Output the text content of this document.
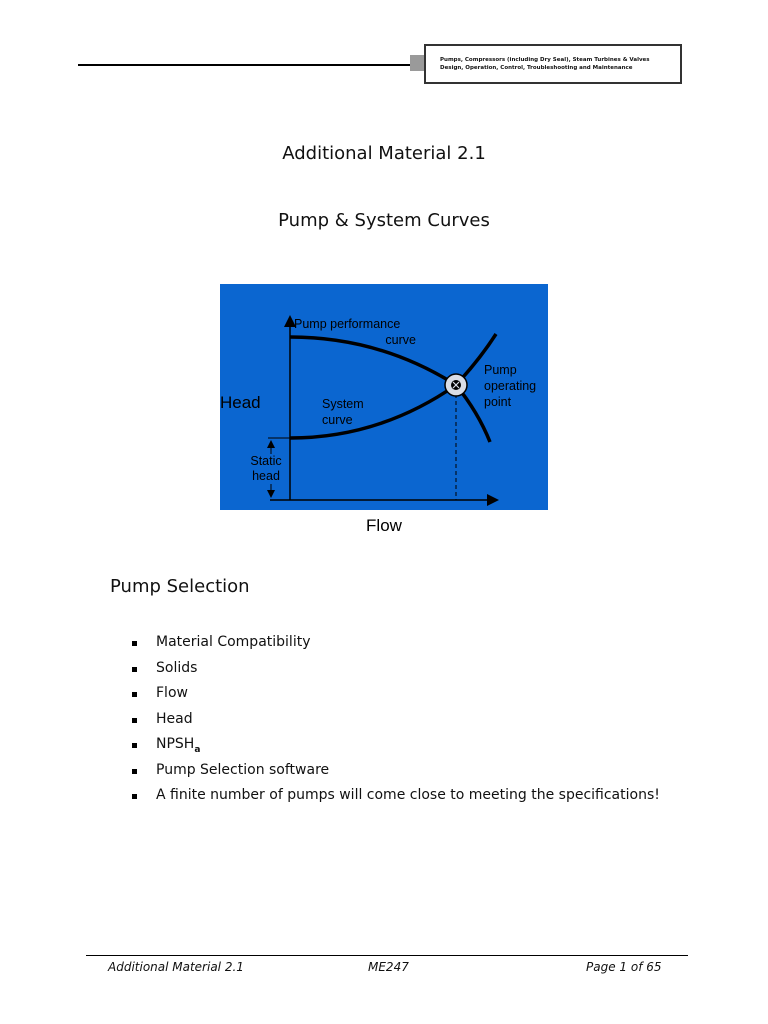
Pumps, Compressors (including Dry Seal), Steam Turbines & Valves
Design, Operation, Control, Troubleshooting and Maintenance
Additional Material 2.1
Pump & System Curves
Pump performance
curve
Head	System
curve
Pump
operating
point
Static
head
Flow
Pump Selection
Material Compatibility
Solids
Flow
Head
$NPSH_a$
Pump Selection software
A finite number of pumps will come close to meeting the specifications!
Additional Material 2.1	ME247	Page 1 of 65
